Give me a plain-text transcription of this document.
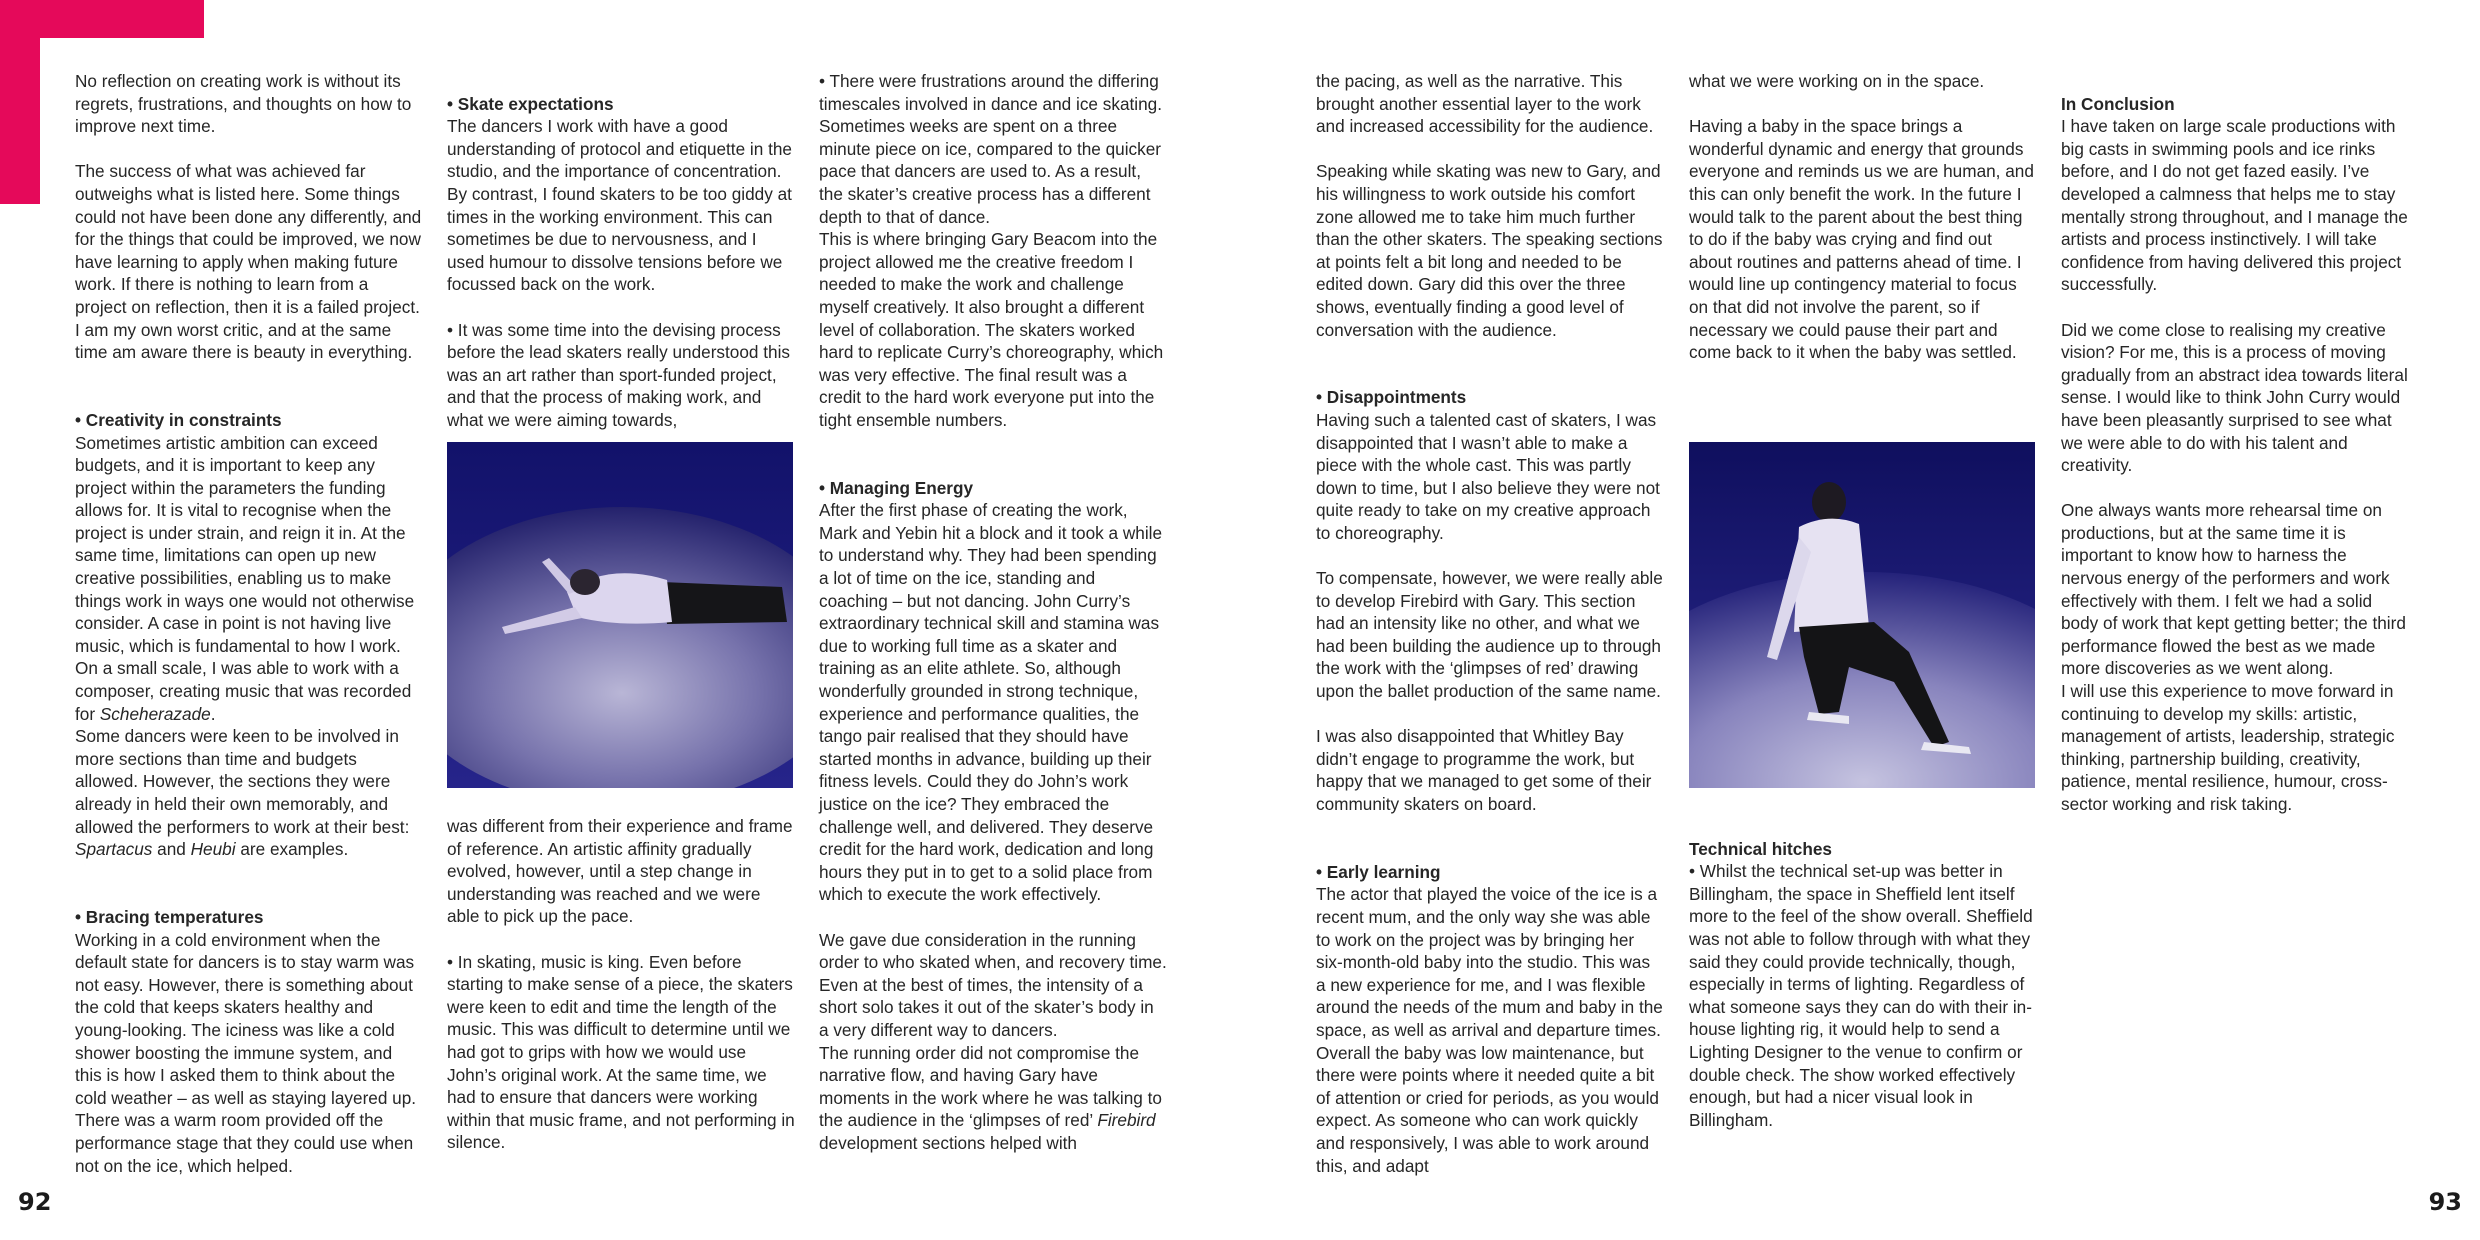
No reflection on creating work is without its regrets, frustrations, and thoughts on how to improve next time.

The success of what was achieved far outweighs what is listed here. Some things could not have been done any differently, and for the things that could be improved, we now have learning to apply when making future work. If there is nothing to learn from a project on reflection, then it is a failed project. I am my own worst critic, and at the same time am aware there is beauty in everything.

• Creativity in constraints
Sometimes artistic ambition can exceed budgets, and it is important to keep any project within the parameters the funding allows for. It is vital to recognise when the project is under strain, and reign it in. At the same time, limitations can open up new creative possibilities, enabling us to make things work in ways one would not otherwise consider. A case in point is not having live music, which is fundamental to how I work. On a small scale, I was able to work with a composer, creating music that was recorded for Scheherazade.
Some dancers were keen to be involved in more sections than time and budgets allowed. However, the sections they were already in held their own memorably, and allowed the performers to work at their best: Spartacus and Heubi are examples.

• Bracing temperatures
Working in a cold environment when the default state for dancers is to stay warm was not easy. However, there is something about the cold that keeps skaters healthy and young-looking. The iciness was like a cold shower boosting the immune system, and this is how I asked them to think about the cold weather – as well as staying layered up. There was a warm room provided off the performance stage that they could use when not on the ice, which helped.

• Skate expectations
The dancers I work with have a good understanding of protocol and etiquette in the studio, and the importance of concentration. By contrast, I found skaters to be too giddy at times in the working environment. This can sometimes be due to nervousness, and I used humour to dissolve tensions before we focussed back on the work.

• It was some time into the devising process before the lead skaters really understood this was an art rather than sport-funded project, and that the process of making work, and what we were aiming towards,

was different from their experience and frame of reference. An artistic affinity gradually evolved, however, until a step change in understanding was reached and we were able to pick up the pace.

• In skating, music is king. Even before starting to make sense of a piece, the skaters were keen to edit and time the length of the music. This was difficult to determine until we had got to grips with how we would use John’s original work. At the same time, we had to ensure that dancers were working within that music frame, and not performing in silence.

• There were frustrations around the differing timescales involved in dance and ice skating. Sometimes weeks are spent on a three minute piece on ice, compared to the quicker pace that dancers are used to. As a result, the skater’s creative process has a different depth to that of dance.
This is where bringing Gary Beacom into the project allowed me the creative freedom I needed to make the work and challenge myself creatively. It also brought a different level of collaboration. The skaters worked hard to replicate Curry’s choreography, which was very effective. The final result was a credit to the hard work everyone put into the tight ensemble numbers.

• Managing Energy
After the first phase of creating the work, Mark and Yebin hit a block and it took a while to understand why. They had been spending a lot of time on the ice, standing and coaching – but not dancing. John Curry’s extraordinary technical skill and stamina was due to working full time as a skater and training as an elite athlete. So, although wonderfully grounded in strong technique, experience and performance qualities, the tango pair realised that they should have started months in advance, building up their fitness levels. Could they do John’s work justice on the ice? They embraced the challenge well, and delivered. They deserve credit for the hard work, dedication and long hours they put in to get to a solid place from which to execute the work effectively.

We gave due consideration in the running order to who skated when, and recovery time. Even at the best of times, the intensity of a short solo takes it out of the skater’s body in a very different way to dancers.
The running order did not compromise the narrative flow, and having Gary have moments in the work where he was talking to the audience in the ‘glimpses of red’ Firebird development sections helped with

the pacing, as well as the narrative. This brought another essential layer to the work and increased accessibility for the audience.

Speaking while skating was new to Gary, and his willingness to work outside his comfort zone allowed me to take him much further than the other skaters. The speaking sections at points felt a bit long and needed to be edited down. Gary did this over the three shows, eventually finding a good level of conversation with the audience.

• Disappointments
Having such a talented cast of skaters, I was disappointed that I wasn’t able to make a piece with the whole cast. This was partly down to time, but I also believe they were not quite ready to take on my creative approach to choreography.

To compensate, however, we were really able to develop Firebird with Gary. This section had an intensity like no other, and what we had been building the audience up to through the work with the ‘glimpses of red’ drawing upon the ballet production of the same name.

I was also disappointed that Whitley Bay didn’t engage to programme the work, but happy that we managed to get some of their community skaters on board.

• Early learning
The actor that played the voice of the ice is a recent mum, and the only way she was able to work on the project was by bringing her six-month-old baby into the studio. This was a new experience for me, and I was flexible around the needs of the mum and baby in the space, as well as arrival and departure times. Overall the baby was low maintenance, but there were points where it needed quite a bit of attention or cried for periods, as you would expect. As someone who can work quickly and responsively, I was able to work around this, and adapt

what we were working on in the space.

Having a baby in the space brings a wonderful dynamic and energy that grounds everyone and reminds us we are human, and this can only benefit the work. In the future I would talk to the parent about the best thing to do if the baby was crying and find out about routines and patterns ahead of time. I would line up contingency material to focus on that did not involve the parent, so if necessary we could pause their part and come back to it when the baby was settled.

Technical hitches
• Whilst the technical set-up was better in Billingham, the space in Sheffield lent itself more to the feel of the show overall. Sheffield was not able to follow through with what they said they could provide technically, though, especially in terms of lighting. Regardless of what someone says they can do with their in-house lighting rig, it would help to send a Lighting Designer to the venue to confirm or double check. The show worked effectively enough, but had a nicer visual look in Billingham.

In Conclusion
I have taken on large scale productions with big casts in swimming pools and ice rinks before, and I do not get fazed easily. I’ve developed a calmness that helps me to stay mentally strong throughout, and I manage the artists and process instinctively. I will take confidence from having delivered this project successfully.

Did we come close to realising my creative vision? For me, this is a process of moving gradually from an abstract idea towards literal sense. I would like to think John Curry would have been pleasantly surprised to see what we were able to do with his talent and creativity.

One always wants more rehearsal time on productions, but at the same time it is important to know how to harness the nervous energy of the performers and work effectively with them. I felt we had a solid body of work that kept getting better; the third performance flowed the best as we made more discoveries as we went along.
I will use this experience to move forward in continuing to develop my skills: artistic, management of artists, leadership, strategic thinking, partnership building, creativity, patience, mental resilience, humour, cross-sector working and risk taking.

92	93
